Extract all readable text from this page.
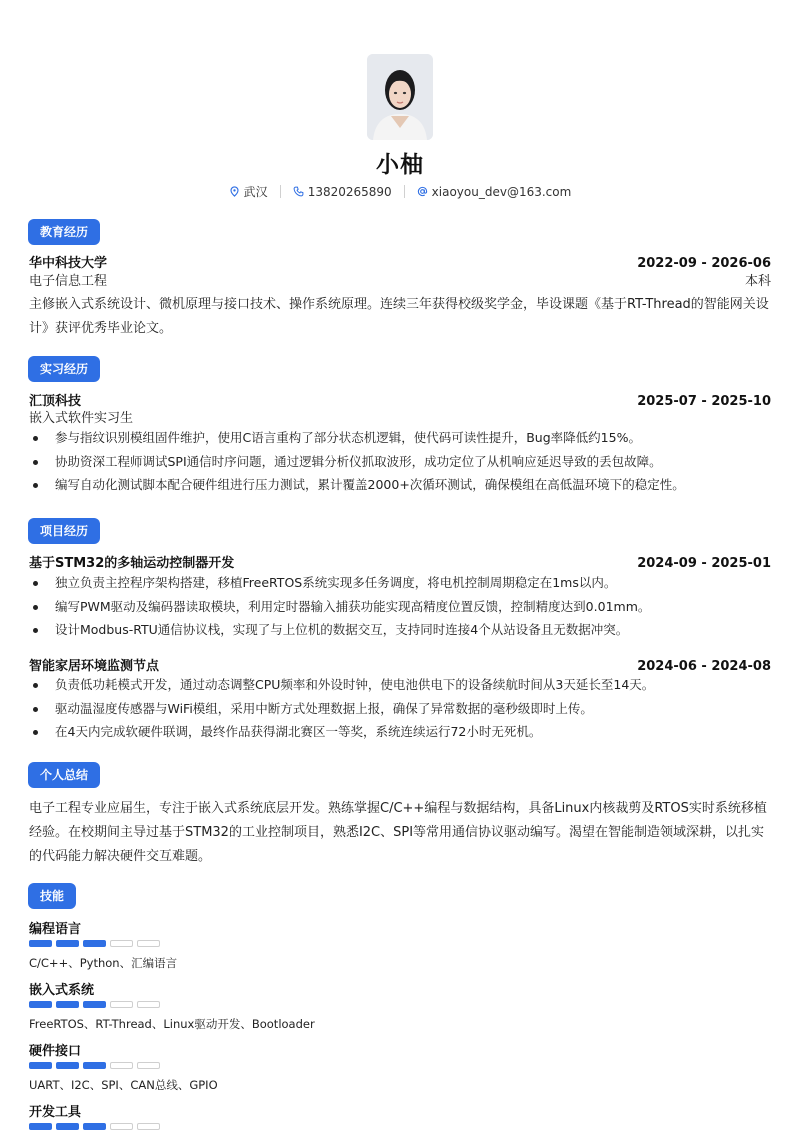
小柚
武汉	13820265890	xiaoyou_dev@163.com
教育经历
华中科技大学	2022-09 - 2026-06
电子信息工程	本科
主修嵌入式系统设计、微机原理与接口技术、操作系统原理。连续三年获得校级奖学金，毕设课题《基于RT-Thread的智能网关设计》获评优秀毕业论文。
实习经历
汇顶科技	2025-07 - 2025-10
嵌入式软件实习生
参与指纹识别模组固件维护，使用C语言重构了部分状态机逻辑，使代码可读性提升，Bug率降低约15%。
协助资深工程师调试SPI通信时序问题，通过逻辑分析仪抓取波形，成功定位了从机响应延迟导致的丢包故障。
编写自动化测试脚本配合硬件组进行压力测试，累计覆盖2000+次循环测试，确保模组在高低温环境下的稳定性。
项目经历
基于STM32的多轴运动控制器开发	2024-09 - 2025-01
独立负责主控程序架构搭建，移植FreeRTOS系统实现多任务调度，将电机控制周期稳定在1ms以内。
编写PWM驱动及编码器读取模块，利用定时器输入捕获功能实现高精度位置反馈，控制精度达到0.01mm。
设计Modbus-RTU通信协议栈，实现了与上位机的数据交互，支持同时连接4个从站设备且无数据冲突。
智能家居环境监测节点	2024-06 - 2024-08
负责低功耗模式开发，通过动态调整CPU频率和外设时钟，使电池供电下的设备续航时间从3天延长至14天。
驱动温湿度传感器与WiFi模组，采用中断方式处理数据上报，确保了异常数据的毫秒级即时上传。
在4天内完成软硬件联调，最终作品获得湖北赛区一等奖，系统连续运行72小时无死机。
个人总结
电子工程专业应届生，专注于嵌入式系统底层开发。熟练掌握C/C++编程与数据结构，具备Linux内核裁剪及RTOS实时系统移植经验。在校期间主导过基于STM32的工业控制项目，熟悉I2C、SPI等常用通信协议驱动编写。渴望在智能制造领域深耕，以扎实的代码能力解决硬件交互难题。
技能
编程语言
C/C++、Python、汇编语言
嵌入式系统
FreeRTOS、RT-Thread、Linux驱动开发、Bootloader
硬件接口
UART、I2C、SPI、CAN总线、GPIO
开发工具
